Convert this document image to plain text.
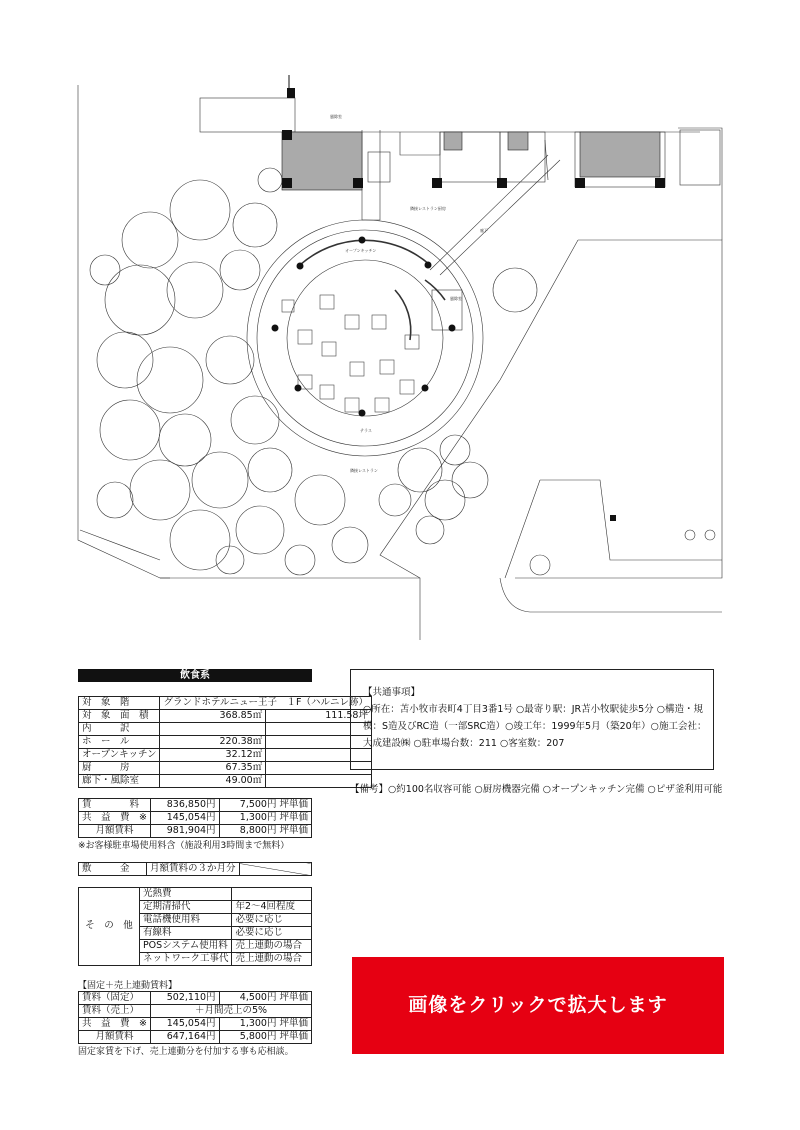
風除室
隣接レストラン厨房
オープンキッチン
廊下
風除室
テラス
隣接レストラン
飲食系
対　象　階	グランドホテルニュー王子　１F（ハルニレ跡）	
対　象　面　積	368.85㎡	111.58坪
内　　　訳		
ホ　ー　ル	220.38㎡	
オープンキッチン	32.12㎡	
厨　　　房	67.35㎡	
廊下・風除室	49.00㎡	
賃　　　　料	836,850円	7,500円 坪単価
共　益　費　※	145,054円	1,300円 坪単価
月額賃料	981,904円	8,800円 坪単価
※お客様駐車場使用料含（施設利用3時間まで無料）
敷　　　金	月額賃料の３か月分	
そ　の　他	光熱費	
	定期清掃代	年2～4回程度
	電話機使用料	必要に応じ
	有線料	必要に応じ
	POSシステム使用料	売上連動の場合
	ネットワーク工事代	売上連動の場合
【固定＋売上連動賃料】
賃料（固定）	502,110円	4,500円 坪単価
賃料（売上）	＋月間売上の5%	
共　益　費　※	145,054円	1,300円 坪単価
月額賃料	647,164円	5,800円 坪単価
固定家賃を下げ、売上連動分を付加する事も応相談。
【共通事項】
○所在：苫小牧市表町4丁目3番1号 ○最寄り駅：JR苫小牧駅徒歩5分 ○構造・規
模：S造及びRC造（一部SRC造）○竣工年：1999年5月（築20年）○施工会社：
大成建設㈱ ○駐車場台数：211 ○客室数：207
【備考】○約100名収容可能 ○厨房機器完備 ○オープンキッチン完備 ○ピザ釜利用可能
画像をクリックで拡大します
